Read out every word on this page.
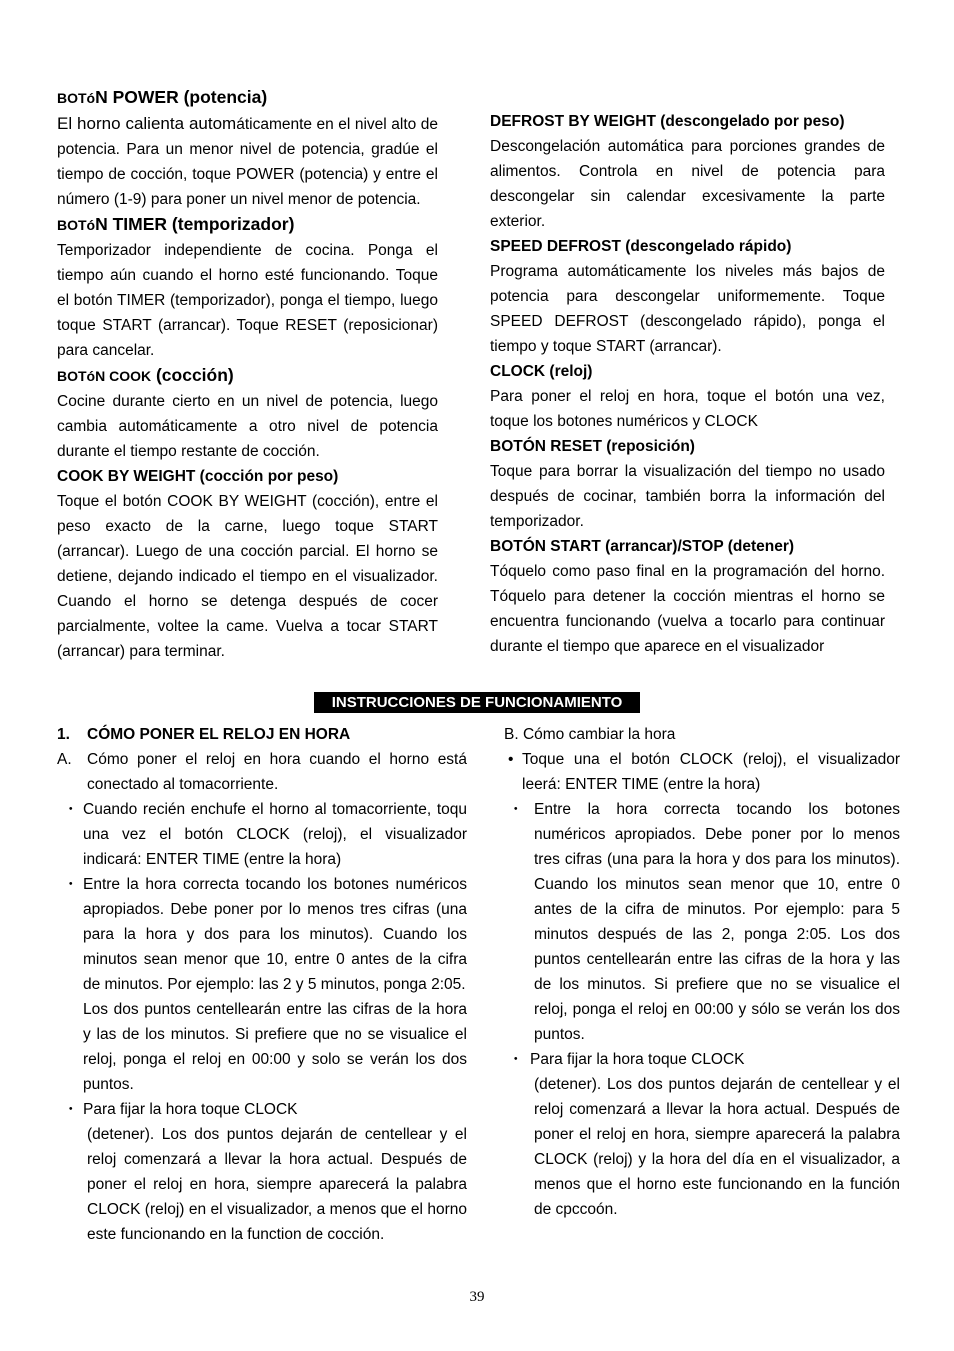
BOTóN POWER (potencia)

El horno calienta automáticamente en el nivel alto de potencia. Para un menor nivel de potencia, gradúe el tiempo de cocción, toque POWER (potencia) y entre el número (1-9) para poner un nivel menor de potencia.

BOTóN TIMER (temporizador)

Temporizador independiente de cocina. Ponga el tiempo aún cuando el horno esté funcionando. Toque el botón TIMER (temporizador), ponga el tiempo, luego toque START (arrancar). Toque RESET (reposicionar) para cancelar.

BOTóN COOK (cocción)

Cocine durante cierto en un nivel de potencia, luego cambia automáticamente a otro nivel de potencia durante el tiempo restante de cocción.

COOK BY WEIGHT (cocción por peso)

Toque el botón COOK BY WEIGHT (cocción), entre el peso exacto de la carne, luego toque START (arrancar). Luego de una cocción parcial. El horno se detiene, dejando indicado el tiempo en el visualizador. Cuando el horno se detenga después de cocer parcialmente, voltee la came. Vuelva a tocar START (arrancar) para terminar.

DEFROST BY WEIGHT (descongelado por peso)

Descongelación automática para porciones grandes de alimentos. Controla en nivel de potencia para descongelar sin calendar excesivamente la parte exterior.

SPEED DEFROST (descongelado rápido)

Programa automáticamente los niveles más bajos de potencia para descongelar uniformemente. Toque SPEED DEFROST (descongelado rápido), ponga el tiempo y toque START (arrancar).

CLOCK (reloj)

Para poner el reloj en hora, toque el botón una vez, toque los botones numéricos y CLOCK

BOTÓN RESET (reposición)

Toque para borrar la visualización del tiempo no usado después de cocinar, también borra la información del temporizador.

BOTÓN START (arrancar)/STOP (detener)

Tóquelo como paso final en la programación del horno. Tóquelo para detener la cocción mientras el horno se encuentra funcionando (vuelva a tocarlo para continuar durante el tiempo que aparece en el visualizador

INSTRUCCIONES DE FUNCIONAMIENTO
1. CÓMO PONER EL RELOJ EN HORA
A. Cómo poner el reloj en hora cuando el horno está conectado al tomacorriente.
・ Cuando recién enchufe el horno al tomacorriente, toqu una vez el botón CLOCK (reloj), el visualizador indicará: ENTER TIME (entre la hora)
・ Entre la hora correcta tocando los botones numéricos apropiados. Debe poner por lo menos tres cifras (una para la hora y dos para los minutos). Cuando los minutos sean menor que 10, entre 0 antes de la cifra de minutos. Por ejemplo: las 2 y 5 minutos, ponga 2:05.

Los dos puntos centellearán entre las cifras de la hora y las de los minutos. Si prefiere que no se visualice el reloj, ponga el reloj en 00:00 y solo se verán los dos puntos.

・ Para fijar la hora toque CLOCK

(detener). Los dos puntos dejarán de centellear y el reloj comenzará a llevar la hora actual. Después de poner el reloj en hora, siempre aparecerá la palabra CLOCK (reloj) en el visualizador, a menos que el horno este funcionando en la function de cocción.

B. Cómo cambiar la hora
• Toque una el botón CLOCK (reloj), el visualizador leerá: ENTER TIME (entre la hora)
・ Entre la hora correcta tocando los botones numéricos apropiados. Debe poner por lo menos tres cifras (una para la hora y dos para los minutos). Cuando los minutos sean menor que 10, entre 0 antes de la cifra de minutos. Por ejemplo: para 5 minutos después de las 2, ponga 2:05. Los dos puntos centellearán entre las cifras de la hora y las de los minutos. Si prefiere que no se visualice el reloj, ponga el reloj en 00:00 y sólo se verán los dos puntos.
・ Para fijar la hora toque CLOCK

(detener). Los dos puntos dejarán de centellear y el reloj comenzará a llevar la hora actual. Después de poner el reloj en hora, siempre aparecerá la palabra CLOCK (reloj) y la hora del día en el visualizador, a menos que el horno este funcionando en la función de cpccoón.

39
